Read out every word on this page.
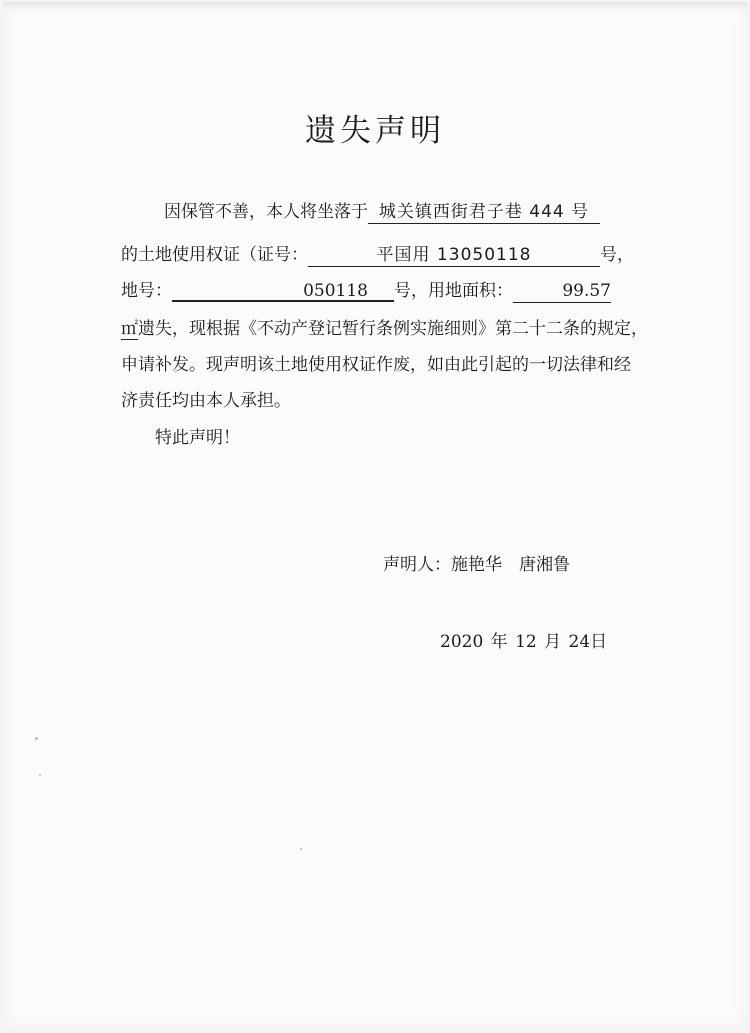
遗失声明
因保管不善，本人将坐落于 城关镇西街君子巷 444 号
的土地使用权证（证号：	平国用 13050118	号，
地号：	050118 号，用地面积：	99.57
㎡遗失，现根据《不动产登记暂行条例实施细则》第二十二条的规定，
申请补发。现声明该土地使用权证作废，如由此引起的一切法律和经
济责任均由本人承担。
特此声明！
声明人：施艳华　唐湘鲁
2020 年 12 月 24日
